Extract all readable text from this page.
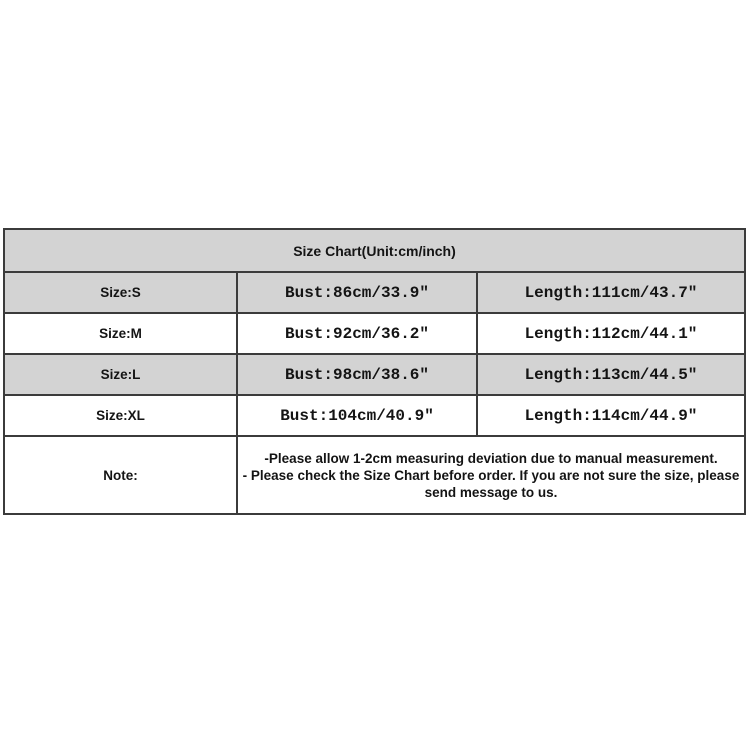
Size Chart(Unit:cm/inch)		
Size:S	Bust:86cm/33.9″	Length:111cm/43.7″
Size:M	Bust:92cm/36.2″	Length:112cm/44.1″
Size:L	Bust:98cm/38.6″	Length:113cm/44.5″
Size:XL	Bust:104cm/40.9″	Length:114cm/44.9″
Note:	-Please allow 1-2cm measuring deviation due to manual measurement.
- Please check the Size Chart before order. If you are not sure the size, please send message to us.	
